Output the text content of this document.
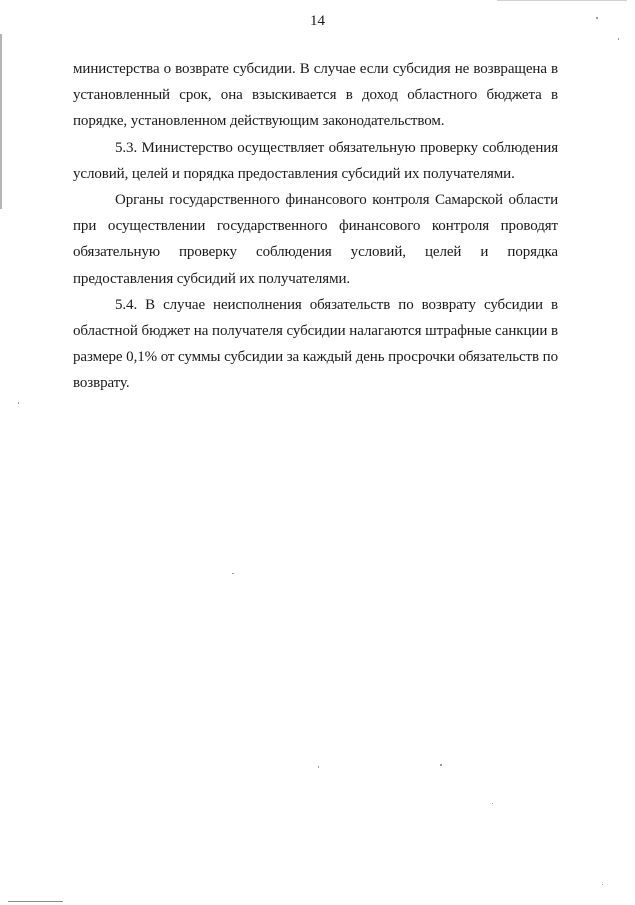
14

министерства о возврате субсидии. В случае если субсидия не возвращена в установленный срок, она взыскивается в доход областного бюджета в порядке, установленном действующим законодательством.

5.3. Министерство осуществляет обязательную проверку соблюдения условий, целей и порядка предоставления субсидий их получателями.

Органы государственного финансового контроля Самарской области при осуществлении государственного финансового контроля проводят обязательную проверку соблюдения условий, целей и порядка предоставления субсидий их получателями.

5.4. В случае неисполнения обязательств по возврату субсидии в областной бюджет на получателя субсидии налагаются штрафные санкции в размере 0,1% от суммы субсидии за каждый день просрочки обязательств по возврату.
